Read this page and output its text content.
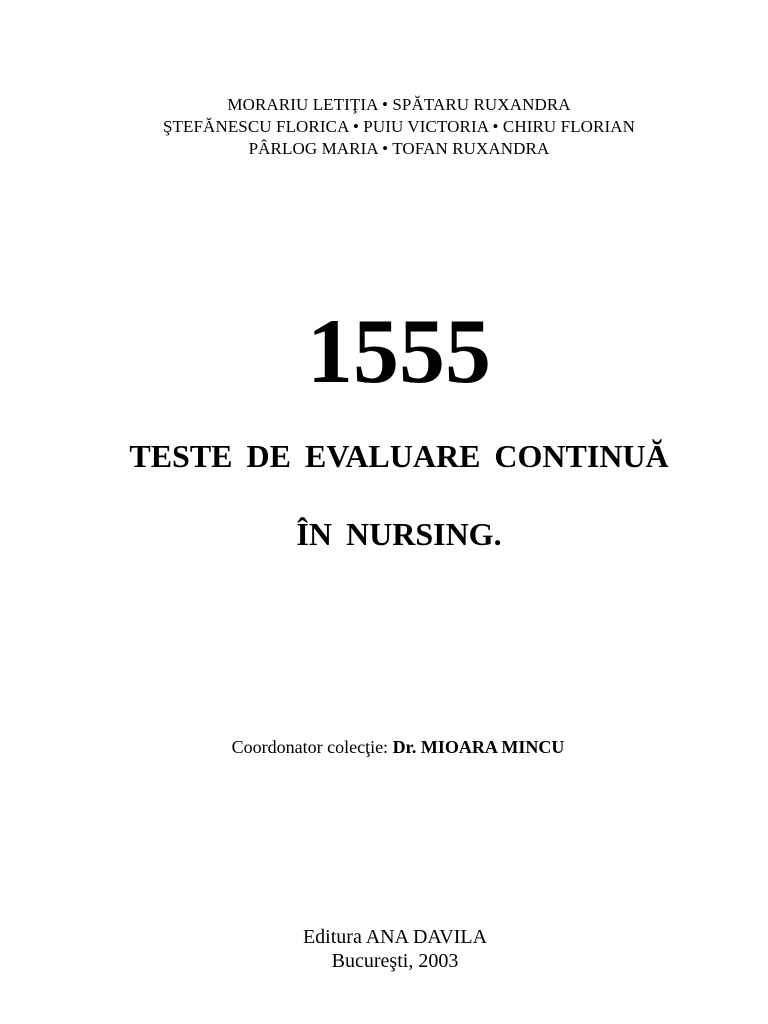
MORARIU LETIŢIA • SPĂTARU RUXANDRA
ŞTEFĂNESCU FLORICA • PUIU VICTORIA • CHIRU FLORIAN
PÂRLOG MARIA • TOFAN RUXANDRA
1555
TESTE DE EVALUARE CONTINUĂ
ÎN NURSING.
Coordonator colecţie: Dr. MIOARA MINCU
Editura ANA DAVILA
Bucureşti, 2003
